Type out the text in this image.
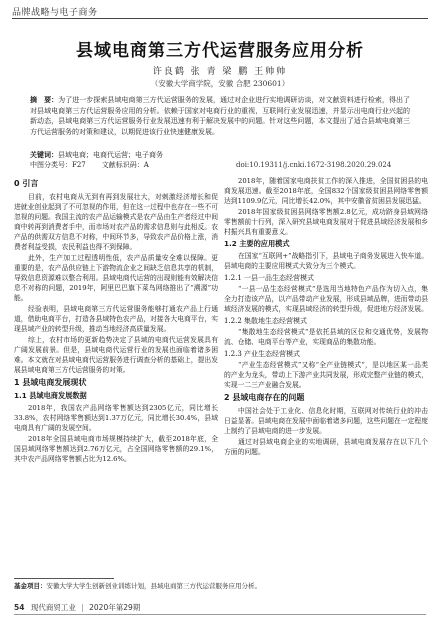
品牌战略与电子商务
县域电商第三方代运营服务应用分析
许良鹤 张 青 梁 鹏 王帅帅
（安徽大学商学院，安徽 合肥 230601）
摘　要：为了进一步探索县域电商第三方代运营服务的发展，通过对企业进行实地调研访谈，对文献资料进行检索，得出了对县域电商第三方代运营服务应用的分析。依赖于国家对电商行业的重视，互联网行业发展迅速，并显示出电商行业兴起的新动态，县域电商第三方代运营服务行业发展迅速有利于解决发展中的问题。针对这些问题，本文提出了适合县域电商第三方代运营服务的对策和建议，以期促进该行业快速健康发展。
关键词：县域电商；电商代运营；电子商务
中图分类号：F27 文献标识码：A	doi:10.19311/j.cnki.1672-3198.2020.29.024

0 引言

目前，农村电商从无到有再到发展壮大，对刺激经济增长和促进就业创业起到了不可忽视的作用，但在这一过程中也存在一些不可忽视的问题。我国主流的农产品运输模式是农产品由生产者经过中间商中转再到消费者手中，而市场对农产品的需求信息则与此相反。农产品的供需双方信息不对称，中间环节多，导致农产品价格上涨，消费者利益受损，农民利益也得不到保障。

此外，生产加工过程透明性低，农产品质量安全难以保障。更重要的是，农产品供应链上下游物流企业之间缺乏信息共享的机制，导致信息资源难以整合利用。县域电商代运营的出现则能有效解决信息不对称的问题，2019年，阿里巴巴旗下菜鸟网络推出了“溯源”功能。

经验表明，县域电商第三方代运营服务能够打通农产品上行通道，借助电商平台，打造各县域特色农产品，对接各大电商平台，实现县域产业的转型升级，推动当地经济高质量发展。

综上，农村市场的更新趋势决定了县域的电商代运营发展具有广阔发展前景。但是，县域电商代运营行业的发展也面临着诸多困难。本文就在对县域电商代运营服务进行调查分析的基础上，提出发展县域电商第三方代运营服务的对策。

1 县域电商发展现状

1.1 县域电商发展数据

2018年，我国农产品网络零售额达到2305亿元，同比增长33.8%，农村网络零售额达到1.37万亿元，同比增长30.4%，县域电商具有广阔的发展空间。

2018年全国县域电商市场规模持续扩大，截至2018年底，全国县域网络零售额达到2.76万亿元，占全国网络零售额的29.1%，其中农产品网络零售额占比为12.6%。

2018年，随着国家电商扶贫工作的深入推进，全国贫困县的电商发展迅速。截至2018年底，全国832个国家级贫困县网络零售额达到1109.9亿元，同比增长42.0%，其中安徽省贫困县发展迅猛。

2018年国家级贫困县网络零售额2.8亿元，成功跻身县域网络零售额前十行列，深入研究县域电商发展对于促进县域经济发展和乡村振兴具有重要意义。

1.2 主要的应用模式

在国家“互联网+”战略指引下，县域电子商务发展进入快车道。县域电商的主要应用模式大致分为三个模式。

1.2.1 一县一品生态经营模式

“一县一品生态经营模式”是选用当地特色产品作为切入点，集全力打造该产品，以产品带动产业发展，形成县域品牌，进而带动县域经济发展的模式，实现县域经济的转型升级，促进地方经济发展。

1.2.2 集散地生态经营模式

“集散地生态经营模式”是依托县域的区位和交通优势，发展物流、仓储、电商平台等产业，实现商品的集散功能。

1.2.3 产业生态经营模式

“产业生态经营模式”又称“全产业链模式”，是以地区某一品类的产业为龙头，带动上下游产业共同发展，形成完整产业链的模式，实现一二三产业融合发展。

2 县域电商存在的问题

中国社会处于工业化、信息化时期，互联网对传统行业的冲击日益显著。县域电商在发展中面临着诸多问题，这些问题在一定程度上制约了县域电商的进一步发展。

通过对县域电商企业的实地调研，县域电商发展存在以下几个方面的问题。

基金项目：安徽大学大学生创新创业训练计划，县域电商第三方代运营服务应用分析。
54 现代商贸工业 | 2020年第29期
